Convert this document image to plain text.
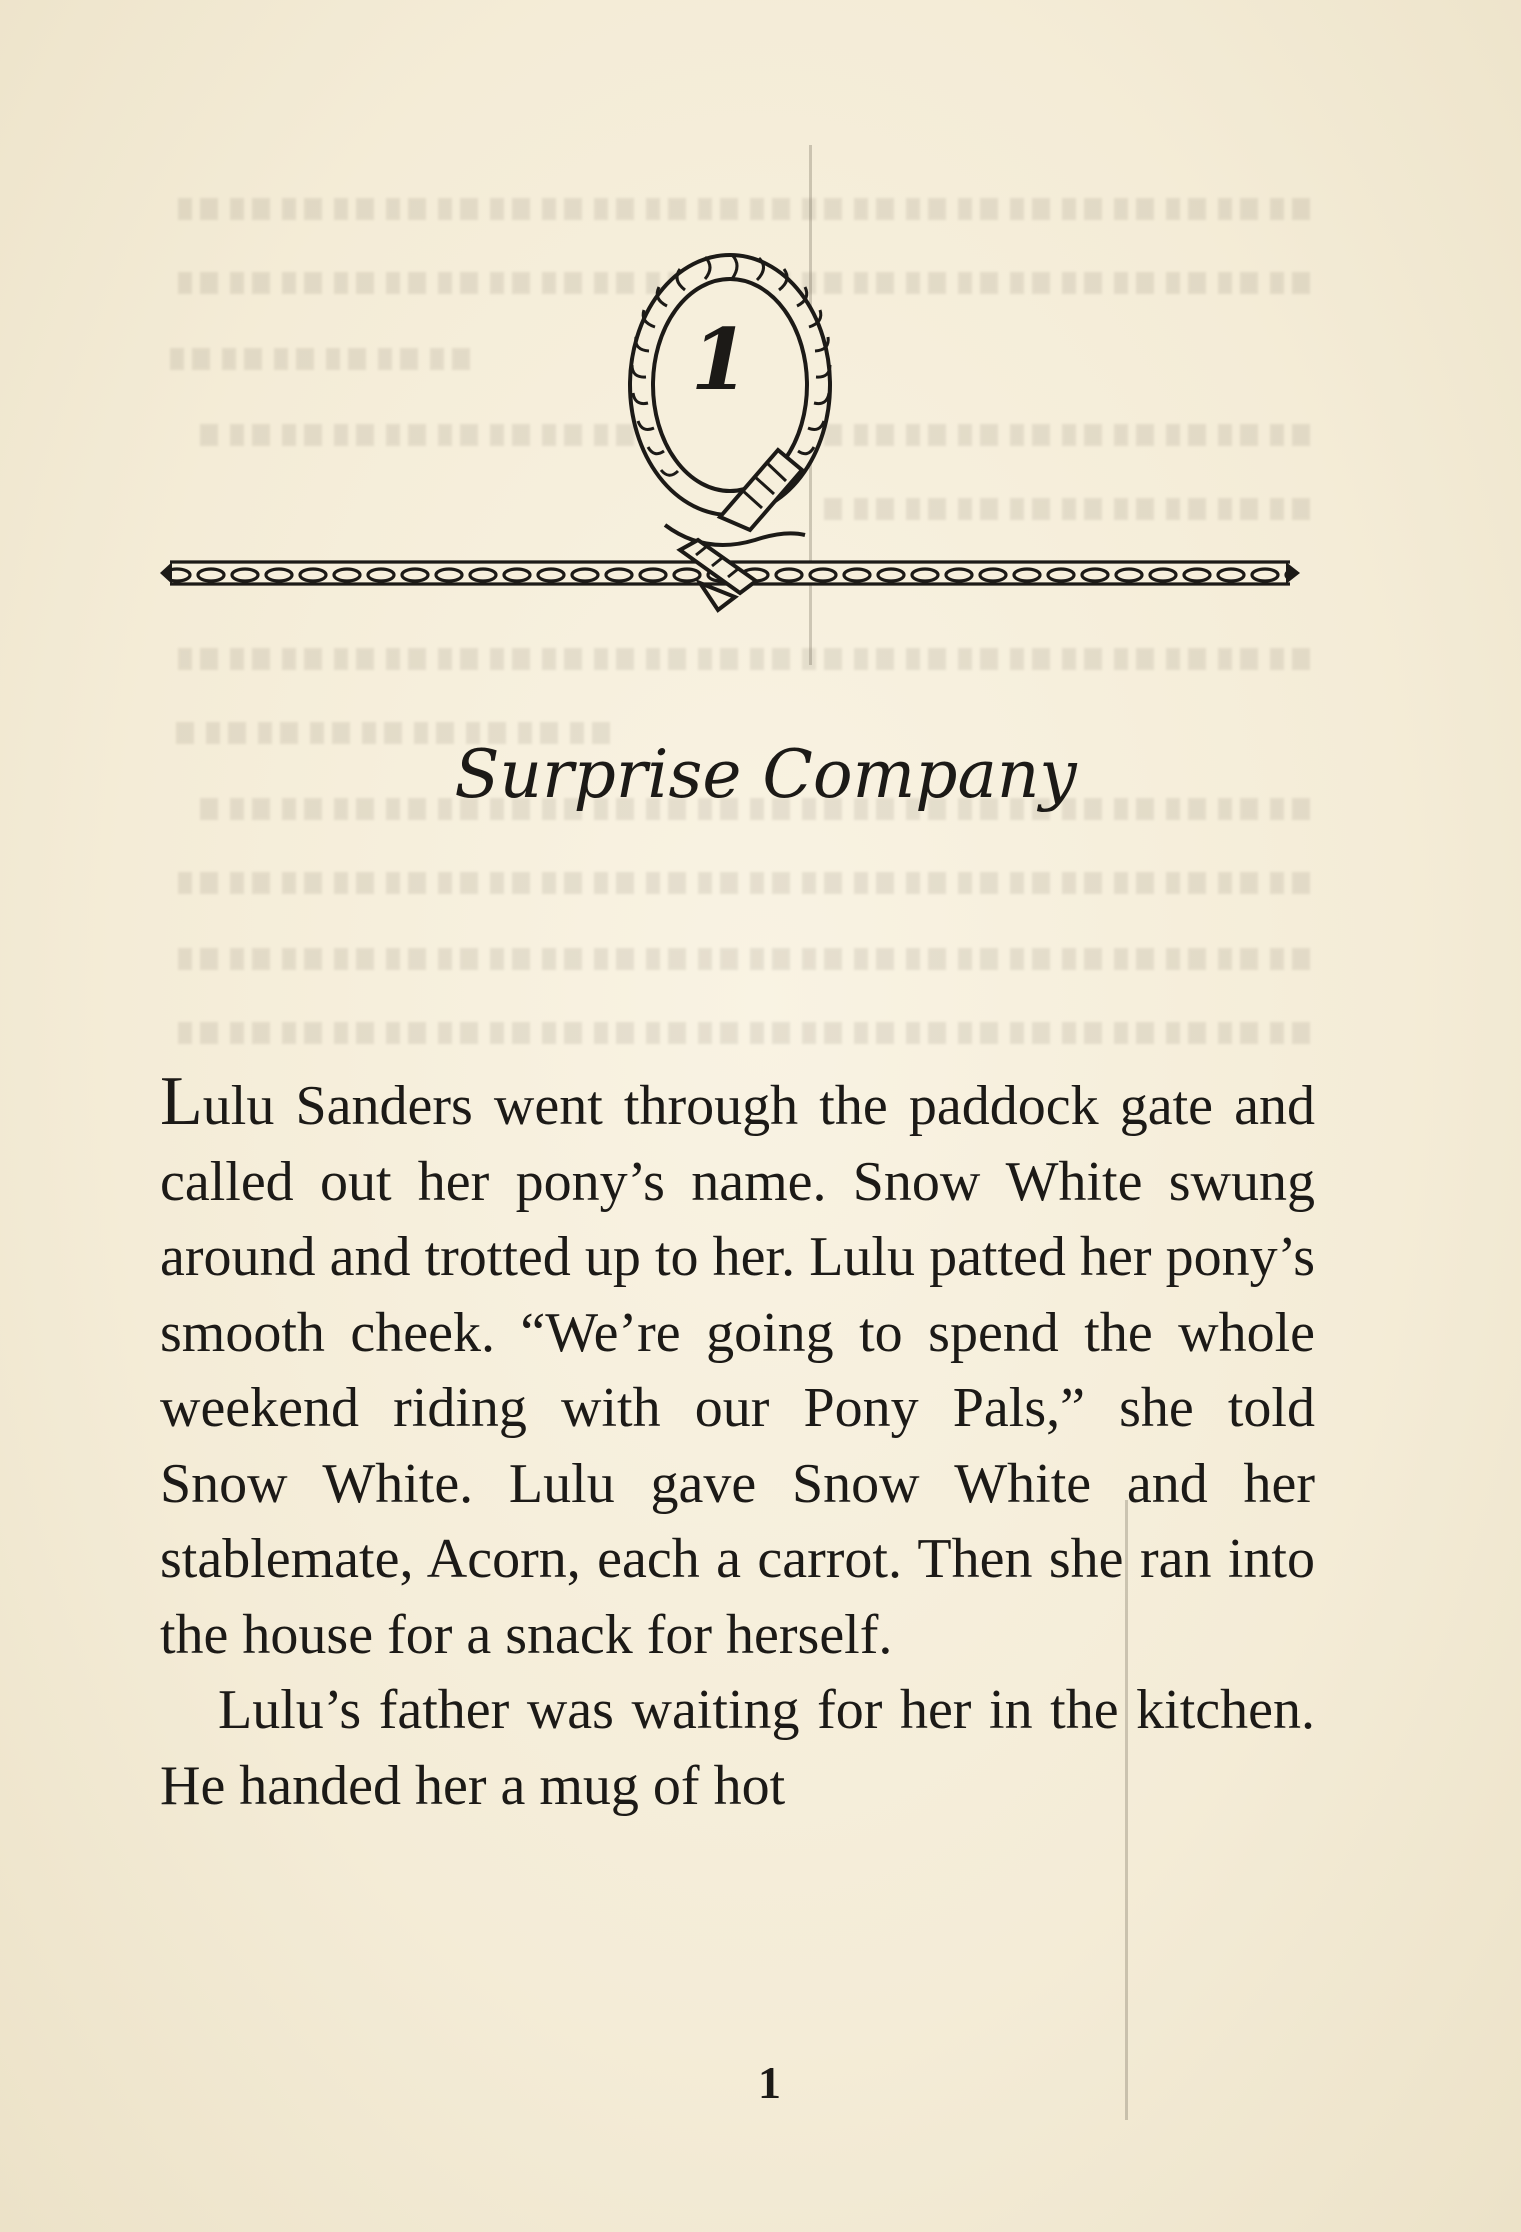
1
Surprise Company

Lulu Sanders went through the paddock gate and called out her pony’s name. Snow White swung around and trotted up to her. Lulu patted her pony’s smooth cheek. “We’re going to spend the whole weekend riding with our Pony Pals,” she told Snow White. Lulu gave Snow White and her stablemate, Acorn, each a carrot. Then she ran into the house for a snack for herself.

Lulu’s father was waiting for her in the kitchen. He handed her a mug of hot

1
